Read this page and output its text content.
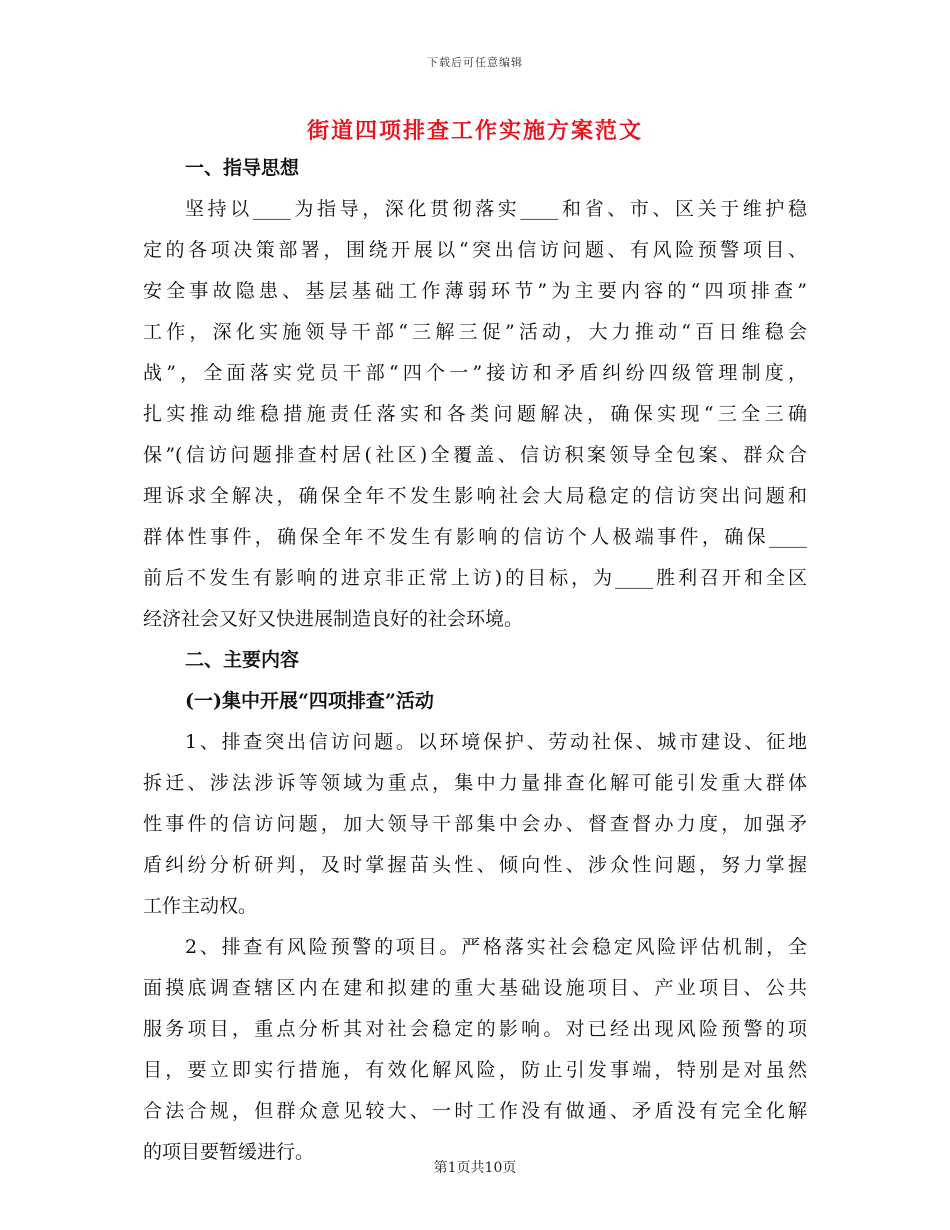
下载后可任意编辑
街道四项排查工作实施方案范文
一、指导思想
坚持以____为指导，深化贯彻落实____和省、市、区关于维护稳
定的各项决策部署，围绕开展以“突出信访问题、有风险预警项目、
安全事故隐患、基层基础工作薄弱环节”为主要内容的“四项排查”
工作，深化实施领导干部“三解三促”活动，大力推动“百日维稳会
战”，全面落实党员干部“四个一”接访和矛盾纠纷四级管理制度，
扎实推动维稳措施责任落实和各类问题解决，确保实现“三全三确
保”(信访问题排查村居(社区)全覆盖、信访积案领导全包案、群众合
理诉求全解决，确保全年不发生影响社会大局稳定的信访突出问题和
群体性事件，确保全年不发生有影响的信访个人极端事件，确保____
前后不发生有影响的进京非正常上访)的目标，为____胜利召开和全区
经济社会又好又快进展制造良好的社会环境。
二、主要内容
(一)集中开展“四项排查”活动
1、排查突出信访问题。以环境保护、劳动社保、城市建设、征地
拆迁、涉法涉诉等领域为重点，集中力量排查化解可能引发重大群体
性事件的信访问题，加大领导干部集中会办、督查督办力度，加强矛
盾纠纷分析研判，及时掌握苗头性、倾向性、涉众性问题，努力掌握
工作主动权。
2、排查有风险预警的项目。严格落实社会稳定风险评估机制，全
面摸底调查辖区内在建和拟建的重大基础设施项目、产业项目、公共
服务项目，重点分析其对社会稳定的影响。对已经出现风险预警的项
目，要立即实行措施，有效化解风险，防止引发事端，特别是对虽然
合法合规，但群众意见较大、一时工作没有做通、矛盾没有完全化解
的项目要暂缓进行。
第1页共10页
